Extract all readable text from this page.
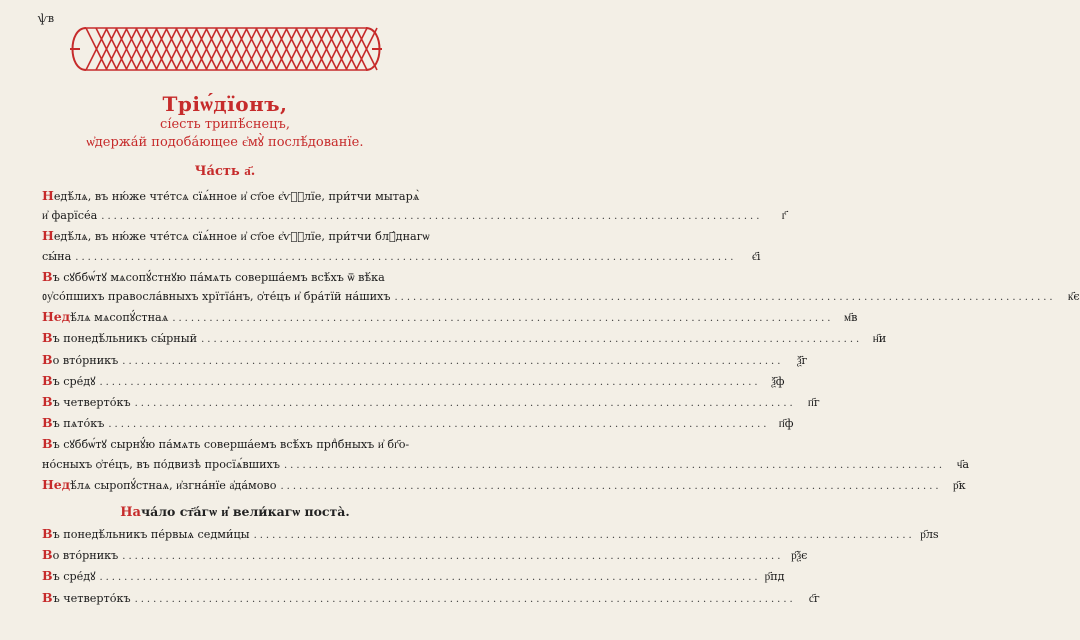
ѱв
Тріѡ́дїонъ,
сі́есть трипѣ́снецъ,
ѡ҆держа́й подоба́ющее є҆мꙋ̀ послѣ́дованїе.
Ча́сть а҃.
Недѣ́лѧ, въ ню́же чте́тсѧ сїѧ́нное и҆ ст҃ое є҆ѵⷢ҇лїе, при́тчи мытарѧ̀
и҆ фарїсе́а ...........................................................................................................	г҃
Недѣ́лѧ, въ ню́же чте́тсѧ сїѧ́нное и҆ ст҃ое є҆ѵⷢ҇лїе, при́тчи блꙋ́днагѡ
сы́на ...........................................................................................................	є҃і
Въ сꙋббѡ́тꙋ мѧсопꙋ́стнꙋю па́мѧть соверша́емъ всѣ́хъ ѿ вѣ́ка
ᲂу҆со́пшихъ правосла́вныхъ хрїтїа́нъ, ѻ҆те́цъ и҆ бра́тїй на́шихъ ...........................................................................................................	к҃є
Недѣ́лѧ мѧсопꙋ́стнаѧ ........................................................................................................... м҃в
Въ понедѣ́льникъ сы́рный ........................................................................................................... н҃и
Во вто́рникъ ...........................................................................................................	ѯ҃г
Въ сре́дꙋ ........................................................................................................... ѯ҃ф
Въ четверто́къ ...........................................................................................................	п҃г
Въ пѧто́къ ........................................................................................................... п҃ф
Въ сꙋббѡ́тꙋ сырнꙋ́ю па́мѧть соверша́емъ всѣ́хъ прпⷣбныхъ и҆ бг҃о-
но́сныхъ ѻ҆те́цъ, въ по́двизѣ просїѧ́вшихъ ...........................................................................................................	ч҃а
Недѣ́лѧ сыропꙋ́стнаѧ, и҆згна́нїе а҆да́мово ...........................................................................................................	р҃к
Нача́ло ст҃а́гѡ и҆ вели́кагѡ поста̀.
Въ понедѣ́льникъ пе́рвыѧ седми́цы ........................................................................................................... р҃лѕ
Во вто́рникъ ........................................................................................................... р҃ѯє
Въ сре́дꙋ ........................................................................................................... р҃пд
Въ четверто́къ ...........................................................................................................	с҃г
